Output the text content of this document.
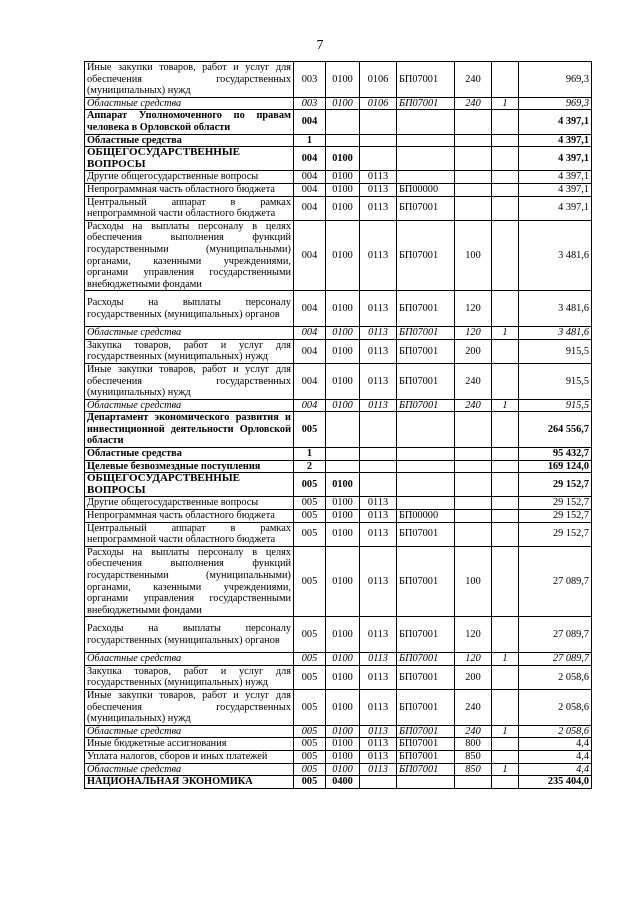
7
Иные закупки товаров, работ и услуг для обеспечения государственных (муниципальных) нужд	003	0100	0106	БП07001	240		969,3
Областные средства	003	0100	0106	БП07001	240	1	969,3
Аппарат Уполномоченного по правам человека в Орловской области	004						4 397,1
Областные средства	1						4 397,1
ОБЩЕГОСУДАРСТВЕННЫЕ ВОПРОСЫ	004	0100					4 397,1
Другие общегосударственные вопросы	004	0100	0113				4 397,1
Непрограммная часть областного бюджета	004	0100	0113	БП00000			4 397,1
Центральный аппарат в рамках непрограммной части областного бюджета	004	0100	0113	БП07001			4 397,1
Расходы на выплаты персоналу в целях обеспечения выполнения функций государственными (муниципальными) органами, казенными учреждениями, органами управления государственными внебюджетными фондами	004	0100	0113	БП07001	100		3 481,6
Расходы на выплаты персоналу государственных (муниципальных) органов	004	0100	0113	БП07001	120		3 481,6
Областные средства	004	0100	0113	БП07001	120	1	3 481,6
Закупка товаров, работ и услуг для государственных (муниципальных) нужд	004	0100	0113	БП07001	200		915,5
Иные закупки товаров, работ и услуг для обеспечения государственных (муниципальных) нужд	004	0100	0113	БП07001	240		915,5
Областные средства	004	0100	0113	БП07001	240	1	915,5
Департамент экономического развития и инвестиционной деятельности Орловской области	005						264 556,7
Областные средства	1						95 432,7
Целевые безвозмездные поступления	2						169 124,0
ОБЩЕГОСУДАРСТВЕННЫЕ ВОПРОСЫ	005	0100					29 152,7
Другие общегосударственные вопросы	005	0100	0113				29 152,7
Непрограммная часть областного бюджета	005	0100	0113	БП00000			29 152,7
Центральный аппарат в рамках непрограммной части областного бюджета	005	0100	0113	БП07001			29 152,7
Расходы на выплаты персоналу в целях обеспечения выполнения функций государственными (муниципальными) органами, казенными учреждениями, органами управления государственными внебюджетными фондами	005	0100	0113	БП07001	100		27 089,7
Расходы на выплаты персоналу государственных (муниципальных) органов	005	0100	0113	БП07001	120		27 089,7
Областные средства	005	0100	0113	БП07001	120	1	27 089,7
Закупка товаров, работ и услуг для государственных (муниципальных) нужд	005	0100	0113	БП07001	200		2 058,6
Иные закупки товаров, работ и услуг для обеспечения государственных (муниципальных) нужд	005	0100	0113	БП07001	240		2 058,6
Областные средства	005	0100	0113	БП07001	240	1	2 058,6
Иные бюджетные ассигнования	005	0100	0113	БП07001	800		4,4
Уплата налогов, сборов и иных платежей	005	0100	0113	БП07001	850		4,4
Областные средства	005	0100	0113	БП07001	850	1	4,4
НАЦИОНАЛЬНАЯ ЭКОНОМИКА	005	0400					235 404,0
